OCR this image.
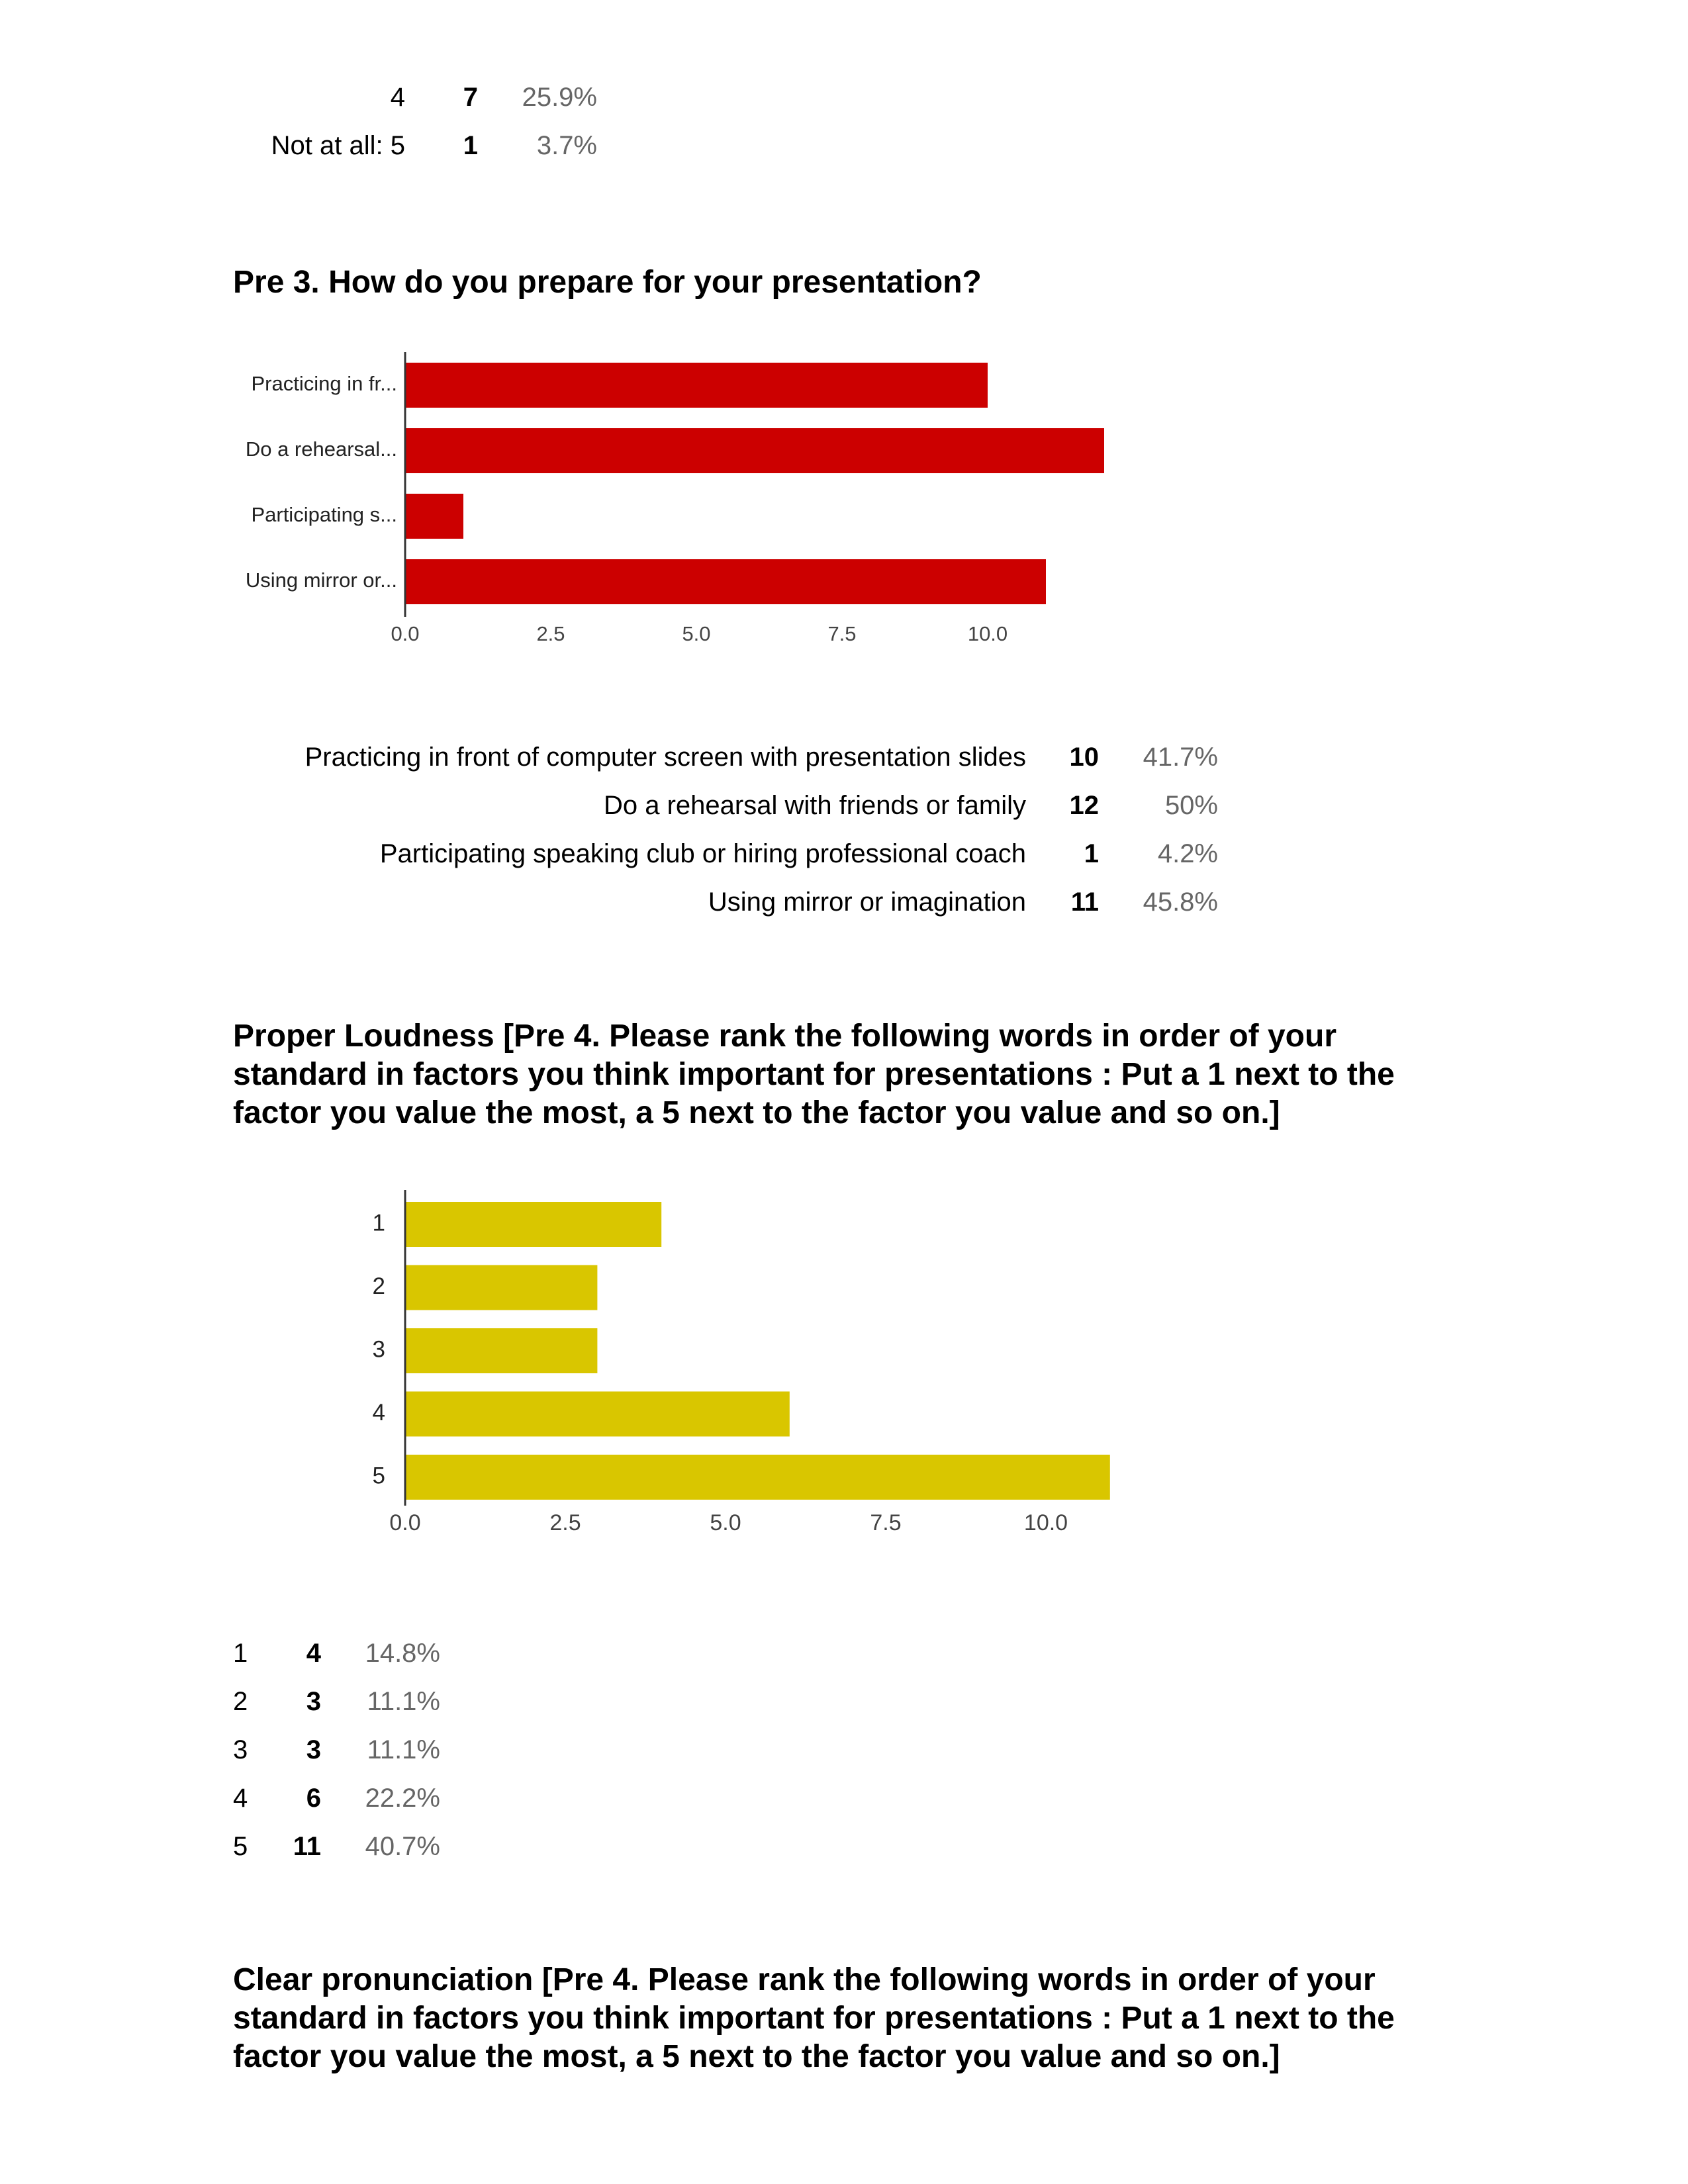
4	7	25.9%
Not at all: 5	1	3.7%
Pre 3. How do you prepare for your presentation?
Practicing in fr...
Do a rehearsal...
Participating s...
Using mirror or...
0.0	2.5	5.0	7.5	10.0
Practicing in front of computer screen with presentation slides	10	41.7%
Do a rehearsal with friends or family	12	50%
Participating speaking club or hiring professional coach	1	4.2%
Using mirror or imagination	11	45.8%
Proper Loudness [Pre 4. Please rank the following words in order of your
standard in factors you think important for presentations : Put a 1 next to the
factor you value the most, a 5 next to the factor you value and so on.]
1
2
3
4
5
0.0	2.5	5.0	7.5	10.0
1	4	14.8%
2	3	11.1%
3	3	11.1%
4	6	22.2%
5	11	40.7%
Clear pronunciation [Pre 4. Please rank the following words in order of your
standard in factors you think important for presentations : Put a 1 next to the
factor you value the most, a 5 next to the factor you value and so on.]
